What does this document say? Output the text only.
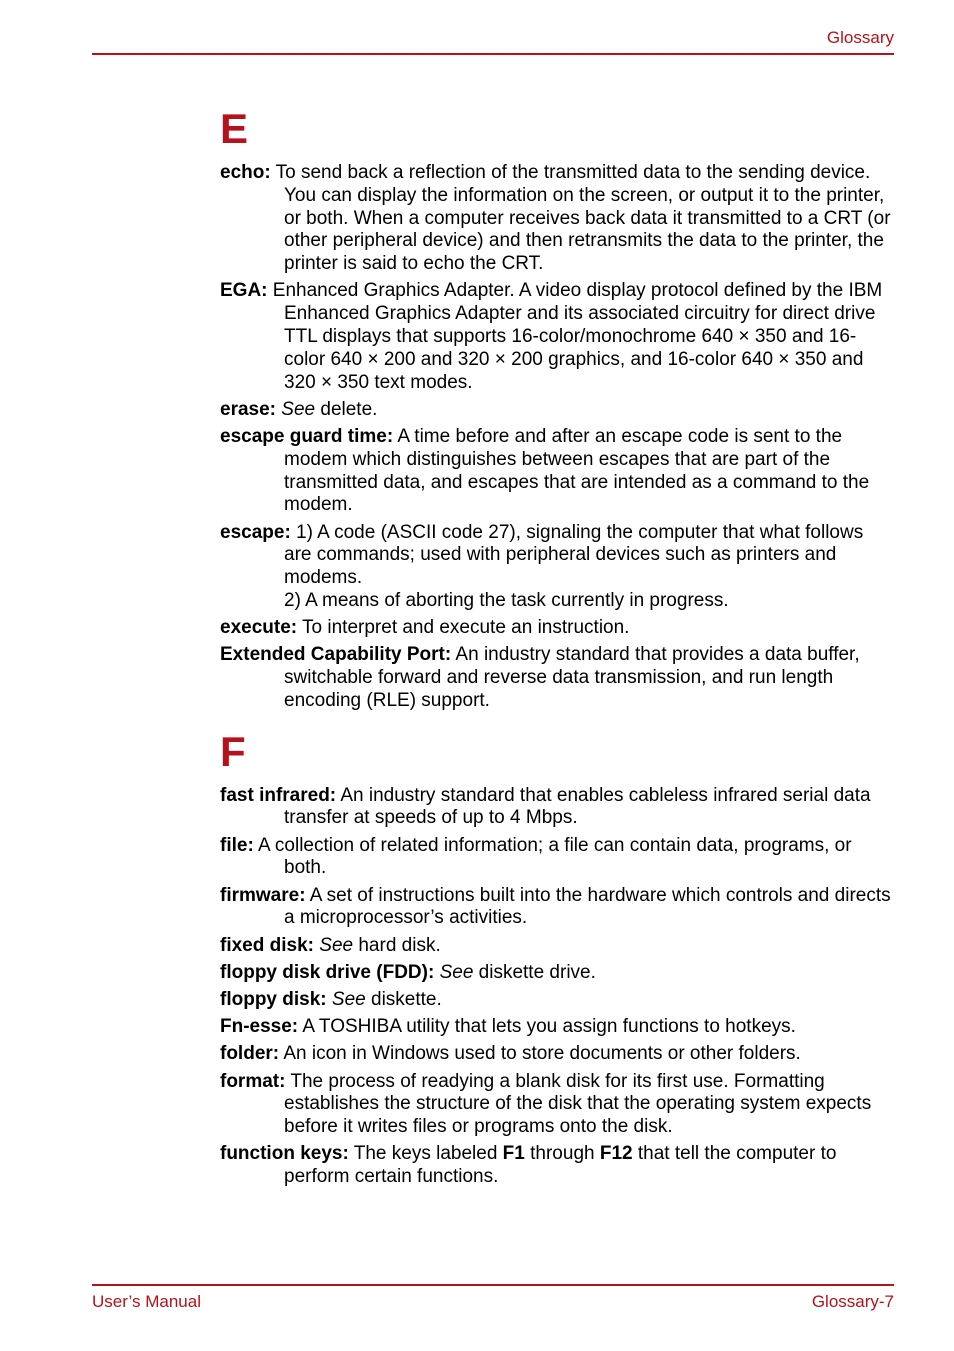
Glossary
E

echo: To send back a reflection of the transmitted data to the sending device. You can display the information on the screen, or output it to the printer, or both. When a computer receives back data it transmitted to a CRT (or other peripheral device) and then retransmits the data to the printer, the printer is said to echo the CRT.

EGA: Enhanced Graphics Adapter. A video display protocol defined by the IBM Enhanced Graphics Adapter and its associated circuitry for direct drive TTL displays that supports 16-color/monochrome 640 × 350 and 16-color 640 × 200 and 320 × 200 graphics, and 16-color 640 × 350 and 320 × 350 text modes.

erase: See delete.

escape guard time: A time before and after an escape code is sent to the modem which distinguishes between escapes that are part of the transmitted data, and escapes that are intended as a command to the modem.

escape: 1) A code (ASCII code 27), signaling the computer that what follows are commands; used with peripheral devices such as printers and modems.
2) A means of aborting the task currently in progress.

execute: To interpret and execute an instruction.

Extended Capability Port: An industry standard that provides a data buffer, switchable forward and reverse data transmission, and run length encoding (RLE) support.

F

fast infrared: An industry standard that enables cableless infrared serial data transfer at speeds of up to 4 Mbps.

file: A collection of related information; a file can contain data, programs, or both.

firmware: A set of instructions built into the hardware which controls and directs a microprocessor’s activities.

fixed disk: See hard disk.

floppy disk drive (FDD): See diskette drive.

floppy disk: See diskette.

Fn-esse: A TOSHIBA utility that lets you assign functions to hotkeys.

folder: An icon in Windows used to store documents or other folders.

format: The process of readying a blank disk for its first use. Formatting establishes the structure of the disk that the operating system expects before it writes files or programs onto the disk.

function keys: The keys labeled F1 through F12 that tell the computer to perform certain functions.

User’s Manual	Glossary-7
